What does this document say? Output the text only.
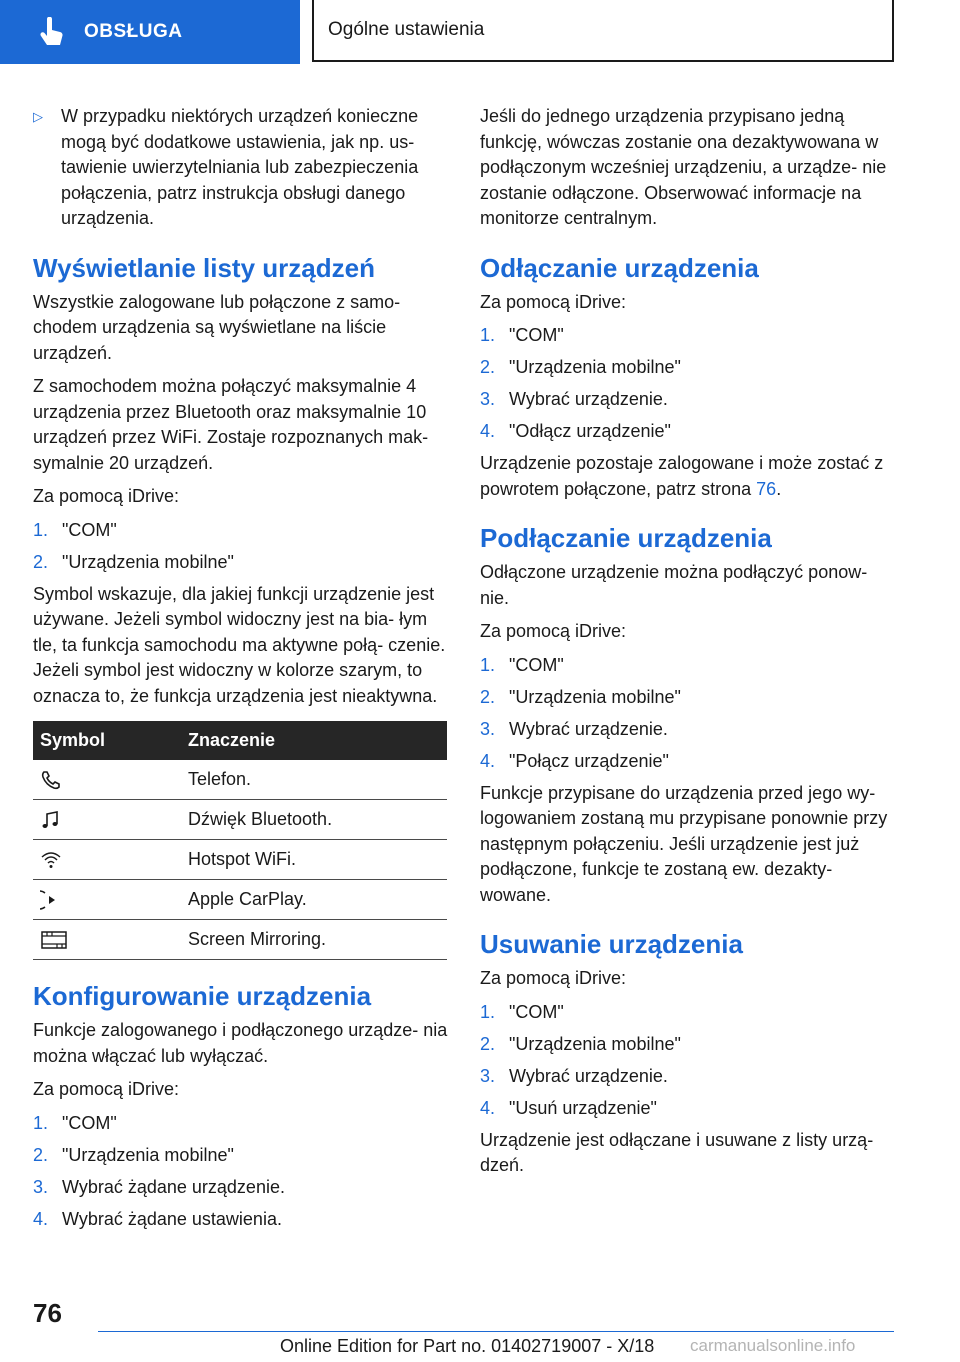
OBSŁUGA	Ogólne ustawienia
▷	W przypadku niektórych urządzeń konieczne mogą być dodatkowe ustawienia, jak np. us‐ tawienie uwierzytelniania lub zabezpieczenia połączenia, patrz instrukcja obsługi danego urządzenia.

Wyświetlanie listy urządzeń

Wszystkie zalogowane lub połączone z samo‐ chodem urządzenia są wyświetlane na liście urządzeń.

Z samochodem można połączyć maksymalnie 4 urządzenia przez Bluetooth oraz maksymalnie 10 urządzeń przez WiFi. Zostaje rozpoznanych mak‐ symalnie 20 urządzeń.

Za pomocą iDrive:

1. "COM"
2. "Urządzenia mobilne"

Symbol wskazuje, dla jakiej funkcji urządzenie jest używane. Jeżeli symbol widoczny jest na bia‐ łym tle, ta funkcja samochodu ma aktywne połą‐ czenie. Jeżeli symbol jest widoczny w kolorze szarym, to oznacza to, że funkcja urządzenia jest nieaktywna.

Symbol	Znaczenie

	Telefon.

	Dźwięk Bluetooth.

	Hotspot WiFi.

	Apple CarPlay.

	Screen Mirroring.
Konfigurowanie urządzenia

Funkcje zalogowanego i podłączonego urządze‐ nia można włączać lub wyłączać.

Za pomocą iDrive:

1. "COM"
2. "Urządzenia mobilne"
3. Wybrać żądane urządzenie.
4. Wybrać żądane ustawienia.

Jeśli do jednego urządzenia przypisano jedną funkcję, wówczas zostanie ona dezaktywowana w podłączonym wcześniej urządzeniu, a urządze‐ nie zostanie odłączone. Obserwować informacje na monitorze centralnym.

Odłączanie urządzenia

Za pomocą iDrive:

1. "COM"
2. "Urządzenia mobilne"
3. Wybrać urządzenie.
4. "Odłącz urządzenie"

Urządzenie pozostaje zalogowane i może zostać z powrotem połączone, patrz strona 76.

Podłączanie urządzenia

Odłączone urządzenie można podłączyć ponow‐ nie.

Za pomocą iDrive:

1. "COM"
2. "Urządzenia mobilne"
3. Wybrać urządzenie.
4. "Połącz urządzenie"

Funkcje przypisane do urządzenia przed jego wy‐ logowaniem zostaną mu przypisane ponownie przy następnym połączeniu. Jeśli urządzenie jest już podłączone, funkcje te zostaną ew. dezakty‐ wowane.

Usuwanie urządzenia

Za pomocą iDrive:

1. "COM"
2. "Urządzenia mobilne"
3. Wybrać urządzenie.
4. "Usuń urządzenie"

Urządzenie jest odłączane i usuwane z listy urzą‐ dzeń.

76
Online Edition for Part no. 01402719007 - X/18 carmanualsonline.info
